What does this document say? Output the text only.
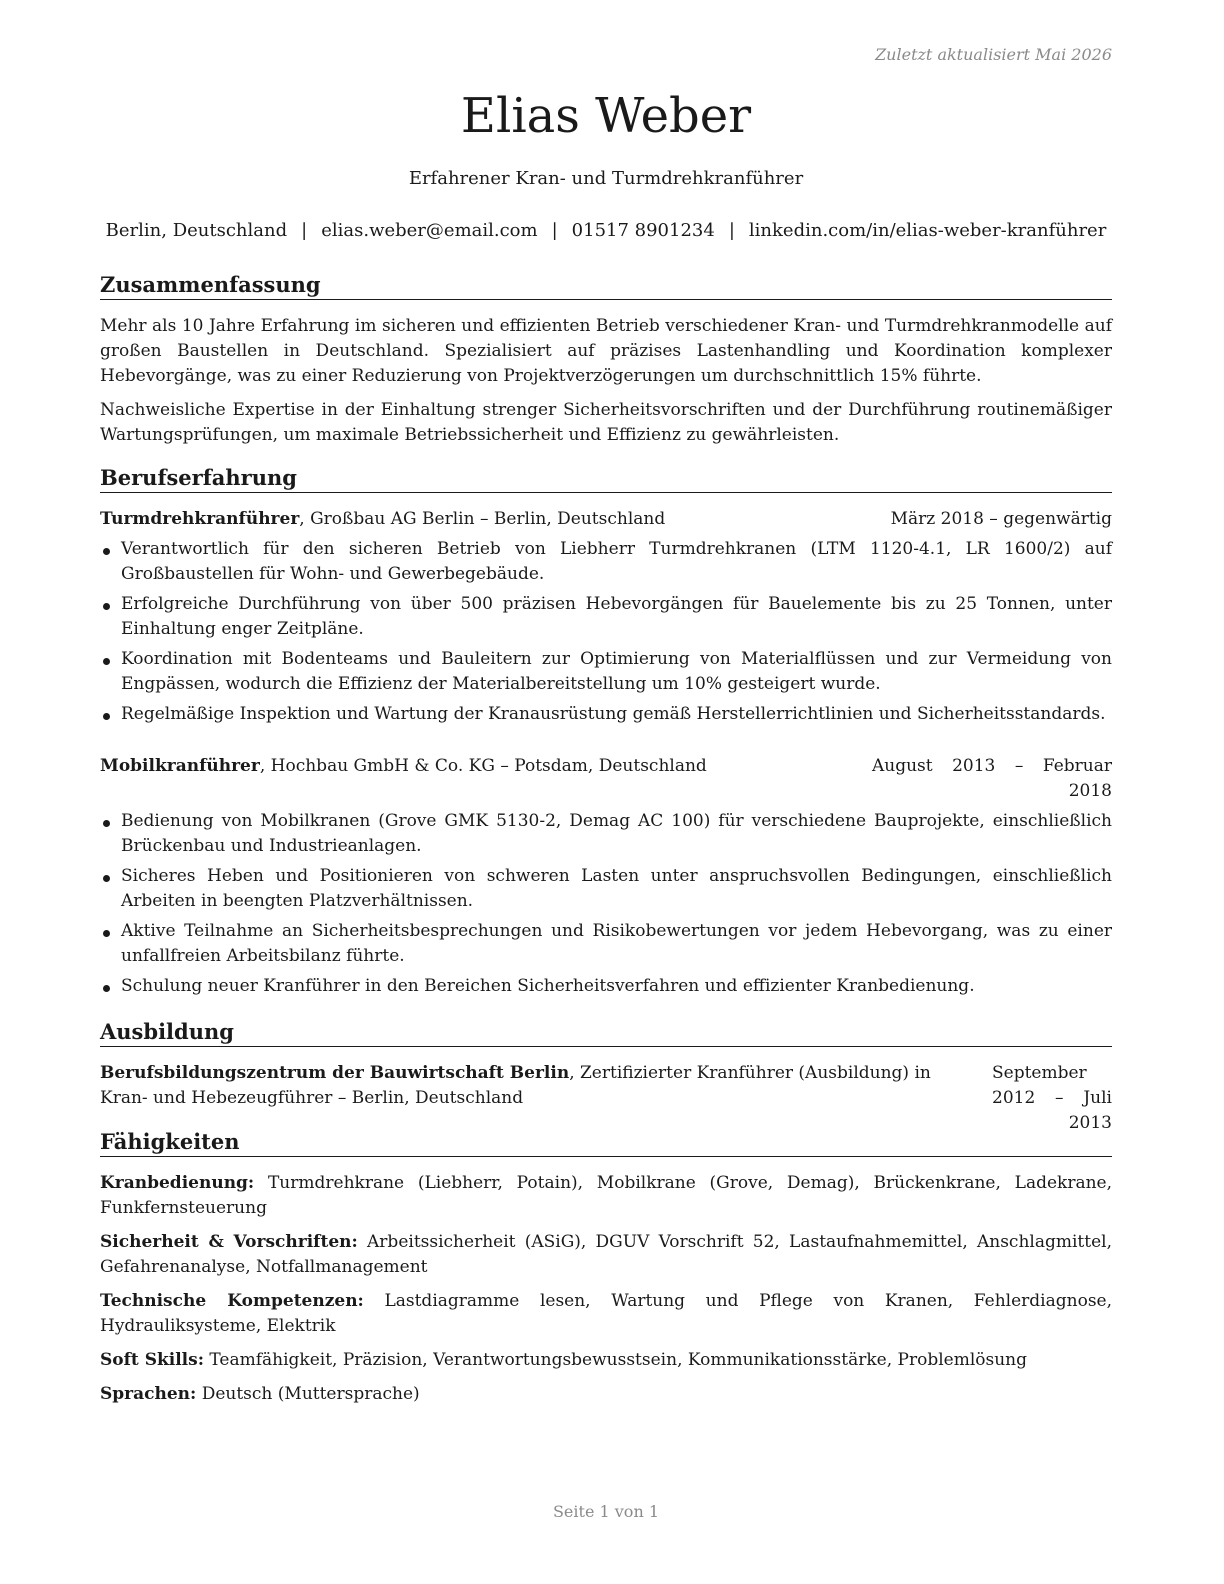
Zuletzt aktualisiert Mai 2026
Elias Weber
Erfahrener Kran- und Turmdrehkranführer
Berlin, Deutschland | elias.weber@email.com | 01517 8901234 | linkedin.com/in/elias-weber-kranführer
Zusammenfassung

Mehr als 10 Jahre Erfahrung im sicheren und effizienten Betrieb verschiedener Kran- und Turmdrehkranmodelle auf großen Baustellen in Deutschland. Spezialisiert auf präzises Lastenhandling und Koordination komplexer Hebevorgänge, was zu einer Reduzierung von Projektverzögerungen um durchschnittlich 15% führte.

Nachweisliche Expertise in der Einhaltung strenger Sicherheitsvorschriften und der Durchführung routinemäßiger Wartungsprüfungen, um maximale Betriebssicherheit und Effizienz zu gewährleisten.

Berufserfahrung
Turmdrehkranführer, Großbau AG Berlin – Berlin, Deutschland	März 2018 – gegenwärtig
Verantwortlich für den sicheren Betrieb von Liebherr Turmdrehkranen (LTM 1120-4.1, LR 1600/2) auf Großbaustellen für Wohn- und Gewerbegebäude.
Erfolgreiche Durchführung von über 500 präzisen Hebevorgängen für Bauelemente bis zu 25 Tonnen, unter Einhaltung enger Zeitpläne.
Koordination mit Bodenteams und Bauleitern zur Optimierung von Materialflüssen und zur Vermeidung von Engpässen, wodurch die Effizienz der Materialbereitstellung um 10% gesteigert wurde.
Regelmäßige Inspektion und Wartung der Kranausrüstung gemäß Herstellerrichtlinien und Sicherheitsstandards.
Mobilkranführer, Hochbau GmbH & Co. KG – Potsdam, Deutschland	August 2013 – Februar 2018
Bedienung von Mobilkranen (Grove GMK 5130-2, Demag AC 100) für verschiedene Bauprojekte, einschließlich Brückenbau und Industrieanlagen.
Sicheres Heben und Positionieren von schweren Lasten unter anspruchsvollen Bedingungen, einschließlich Arbeiten in beengten Platzverhältnissen.
Aktive Teilnahme an Sicherheitsbesprechungen und Risikobewertungen vor jedem Hebevorgang, was zu einer unfallfreien Arbeitsbilanz führte.
Schulung neuer Kranführer in den Bereichen Sicherheitsverfahren und effizienter Kranbedienung.
Ausbildung
Berufsbildungszentrum der Bauwirtschaft Berlin, Zertifizierter Kranführer (Ausbildung) in Kran- und Hebezeugführer – Berlin, Deutschland
September 2012 – Juli 2013
Fähigkeiten
Kranbedienung: Turmdrehkrane (Liebherr, Potain), Mobilkrane (Grove, Demag), Brückenkrane, Ladekrane, Funkfernsteuerung
Sicherheit & Vorschriften: Arbeitssicherheit (ASiG), DGUV Vorschrift 52, Lastaufnahmemittel, Anschlagmittel, Gefahrenanalyse, Notfallmanagement
Technische Kompetenzen: Lastdiagramme lesen, Wartung und Pflege von Kranen, Fehlerdiagnose, Hydrauliksysteme, Elektrik
Soft Skills: Teamfähigkeit, Präzision, Verantwortungsbewusstsein, Kommunikationsstärke, Problemlösung
Sprachen: Deutsch (Muttersprache)
Seite 1 von 1
